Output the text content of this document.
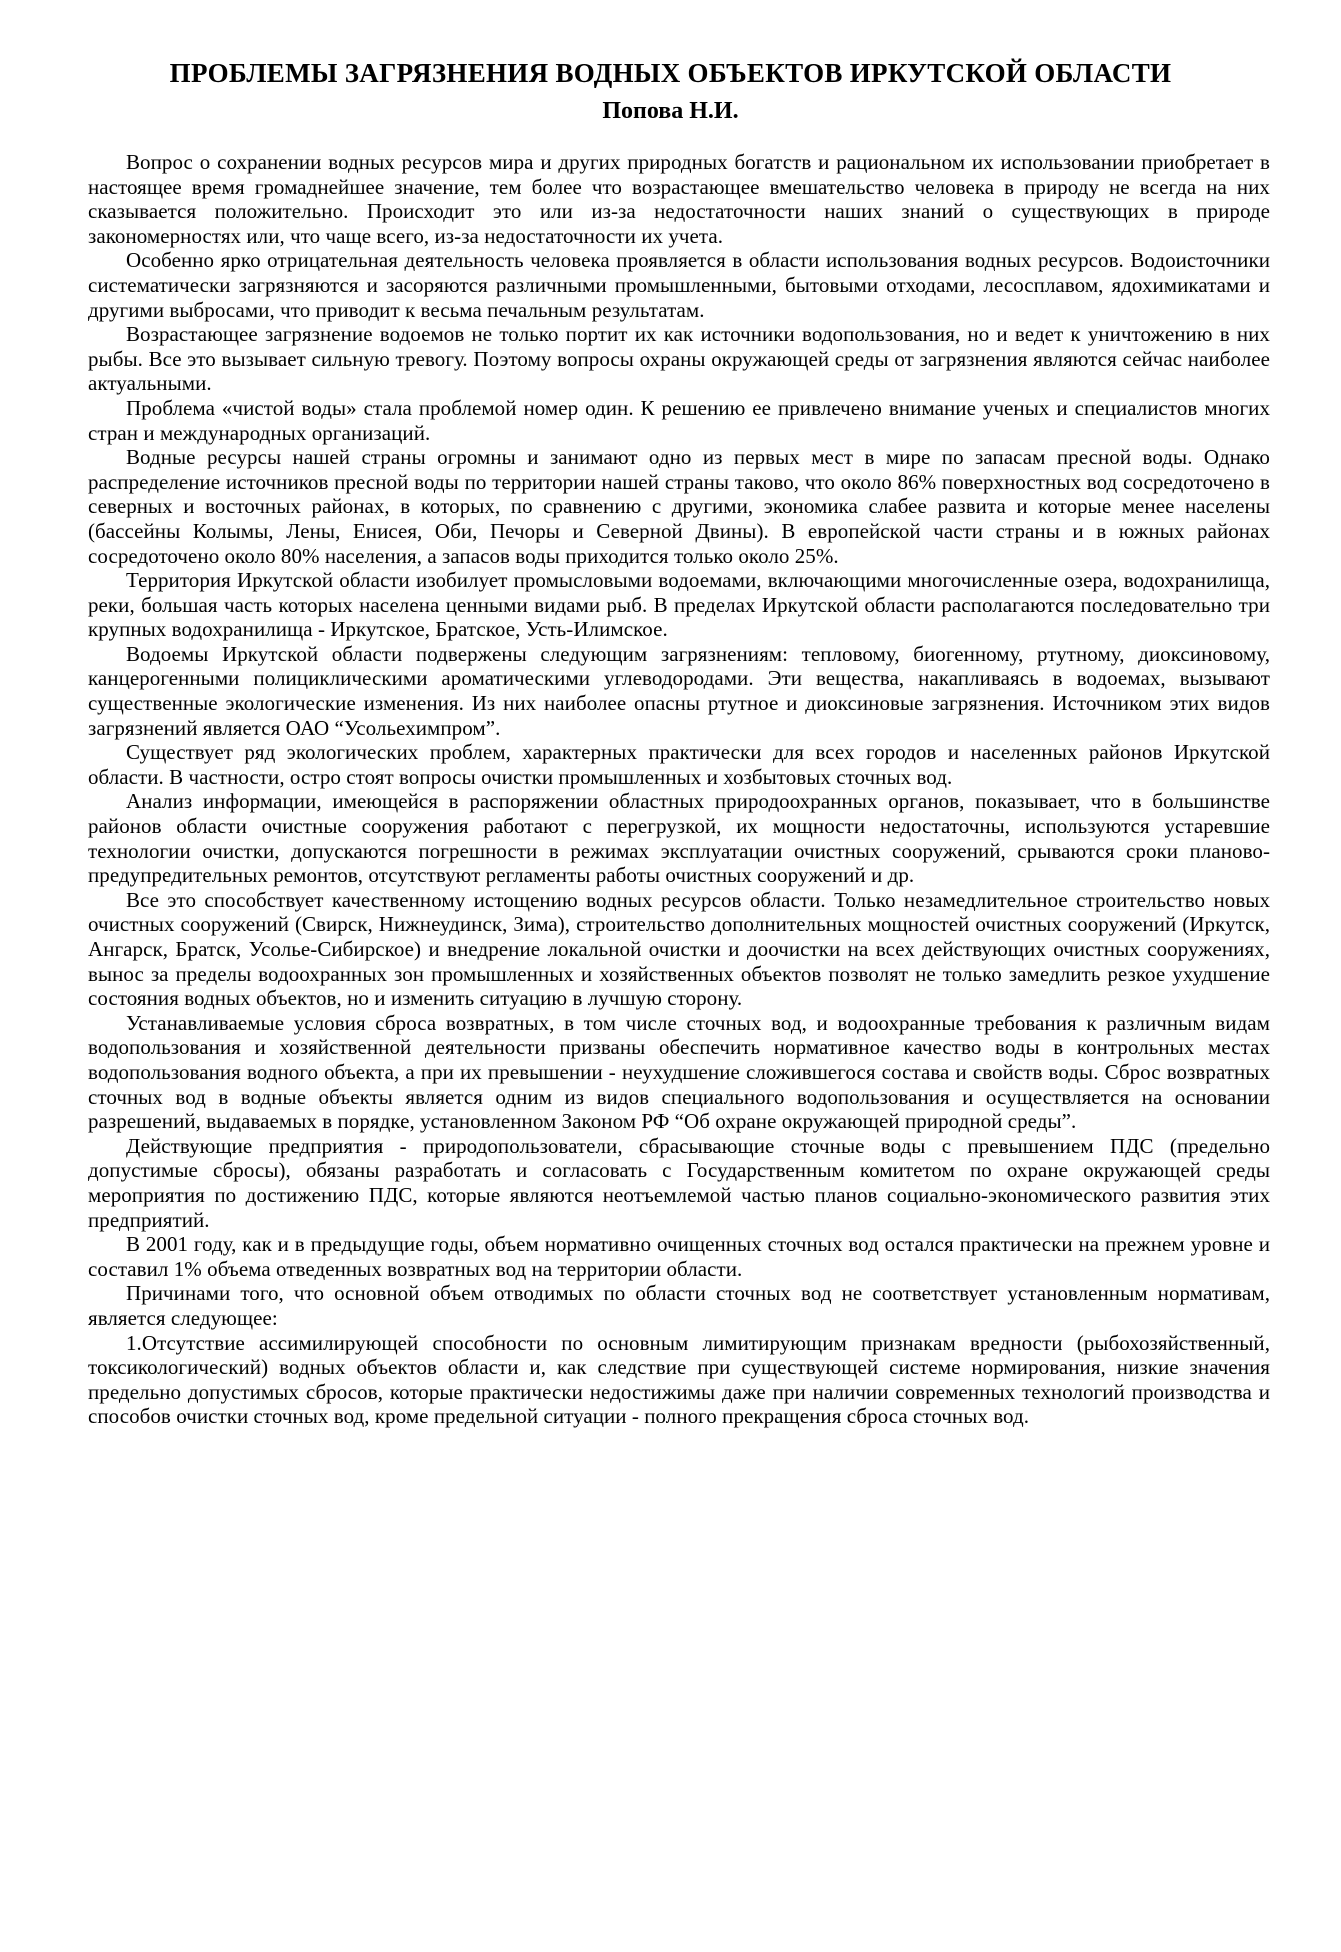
ПРОБЛЕМЫ ЗАГРЯЗНЕНИЯ ВОДНЫХ ОБЪЕКТОВ ИРКУТСКОЙ ОБЛАСТИ
Попова Н.И.

Вопрос о сохранении водных ресурсов мира и других природных богатств и рациональном их использовании приобретает в настоящее время громаднейшее значение, тем более что возрастающее вмешательство человека в природу не всегда на них сказывается положительно. Происходит это или из-за недостаточности наших знаний о существующих в природе закономерностях или, что чаще всего, из-за недостаточности их учета.

Особенно ярко отрицательная деятельность человека проявляется в области использования водных ресурсов. Водоисточники систематически загрязняются и засоряются различными промышленными, бытовыми отходами, лесосплавом, ядохимикатами и другими выбросами, что приводит к весьма печальным результатам.

Возрастающее загрязнение водоемов не только портит их как источники водопользования, но и ведет к уничтожению в них рыбы. Все это вызывает сильную тревогу. Поэтому вопросы охраны окружающей среды от загрязнения являются сейчас наиболее актуальными.

Проблема «чистой воды» стала проблемой номер один. К решению ее привлечено внимание ученых и специалистов многих стран и международных организаций.

Водные ресурсы нашей страны огромны и занимают одно из первых мест в мире по запасам пресной воды. Однако распределение источников пресной воды по территории нашей страны таково, что около 86% поверхностных вод сосредоточено в северных и восточных районах, в которых, по сравнению с другими, экономика слабее развита и которые менее населены (бассейны Колымы, Лены, Енисея, Оби, Печоры и Северной Двины). В европейской части страны и в южных районах сосредоточено около 80% населения, а запасов воды приходится только около 25%.

Территория Иркутской области изобилует промысловыми водоемами, включающими многочисленные озера, водохранилища, реки, большая часть которых населена ценными видами рыб. В пределах Иркутской области располагаются последовательно три крупных водохранилища - Иркутское, Братское, Усть-Илимское.

Водоемы Иркутской области подвержены следующим загрязнениям: тепловому, биогенному, ртутному, диоксиновому, канцерогенными полициклическими ароматическими углеводородами. Эти вещества, накапливаясь в водоемах, вызывают существенные экологические изменения. Из них наиболее опасны ртутное и диоксиновые загрязнения. Источником этих видов загрязнений является ОАО “Усольехимпром”.

Существует ряд экологических проблем, характерных практически для всех городов и населенных районов Иркутской области. В частности, остро стоят вопросы очистки промышленных и хозбытовых сточных вод.

Анализ информации, имеющейся в распоряжении областных природоохранных органов, показывает, что в большинстве районов области очистные сооружения работают с перегрузкой, их мощности недостаточны, используются устаревшие технологии очистки, допускаются погрешности в режимах эксплуатации очистных сооружений, срываются сроки планово-предупредительных ремонтов, отсутствуют регламенты работы очистных сооружений и др.

Все это способствует качественному истощению водных ресурсов области. Только незамедлительное строительство новых очистных сооружений (Свирск, Нижнеудинск, Зима), строительство дополнительных мощностей очистных сооружений (Иркутск, Ангарск, Братск, Усолье-Сибирское) и внедрение локальной очистки и доочистки на всех действующих очистных сооружениях, вынос за пределы водоохранных зон промышленных и хозяйственных объектов позволят не только замедлить резкое ухудшение состояния водных объектов, но и изменить ситуацию в лучшую сторону.

Устанавливаемые условия сброса возвратных, в том числе сточных вод, и водоохранные требования к различным видам водопользования и хозяйственной деятельности призваны обеспечить нормативное качество воды в контрольных местах водопользования водного объекта, а при их превышении - неухудшение сложившегося состава и свойств воды. Сброс возвратных сточных вод в водные объекты является одним из видов специального водопользования и осуществляется на основании разрешений, выдаваемых в порядке, установленном Законом РФ “Об охране окружающей природной среды”.

Действующие предприятия - природопользователи, сбрасывающие сточные воды с превышением ПДС (предельно допустимые сбросы), обязаны разработать и согласовать с Государственным комитетом по охране окружающей среды мероприятия по достижению ПДС, которые являются неотъемлемой частью планов социально-экономического развития этих предприятий.

В 2001 году, как и в предыдущие годы, объем нормативно очищенных сточных вод остался практически на прежнем уровне и составил 1% объема отведенных возвратных вод на территории области.

Причинами того, что основной объем отводимых по области сточных вод не соответствует установленным нормативам, является следующее:

1.Отсутствие ассимилирующей способности по основным лимитирующим признакам вредности (рыбохозяйственный, токсикологический) водных объектов области и, как следствие при существующей системе нормирования, низкие значения предельно допустимых сбросов, которые практически недостижимы даже при наличии современных технологий производства и способов очистки сточных вод, кроме предельной ситуации - полного прекращения сброса сточных вод.
